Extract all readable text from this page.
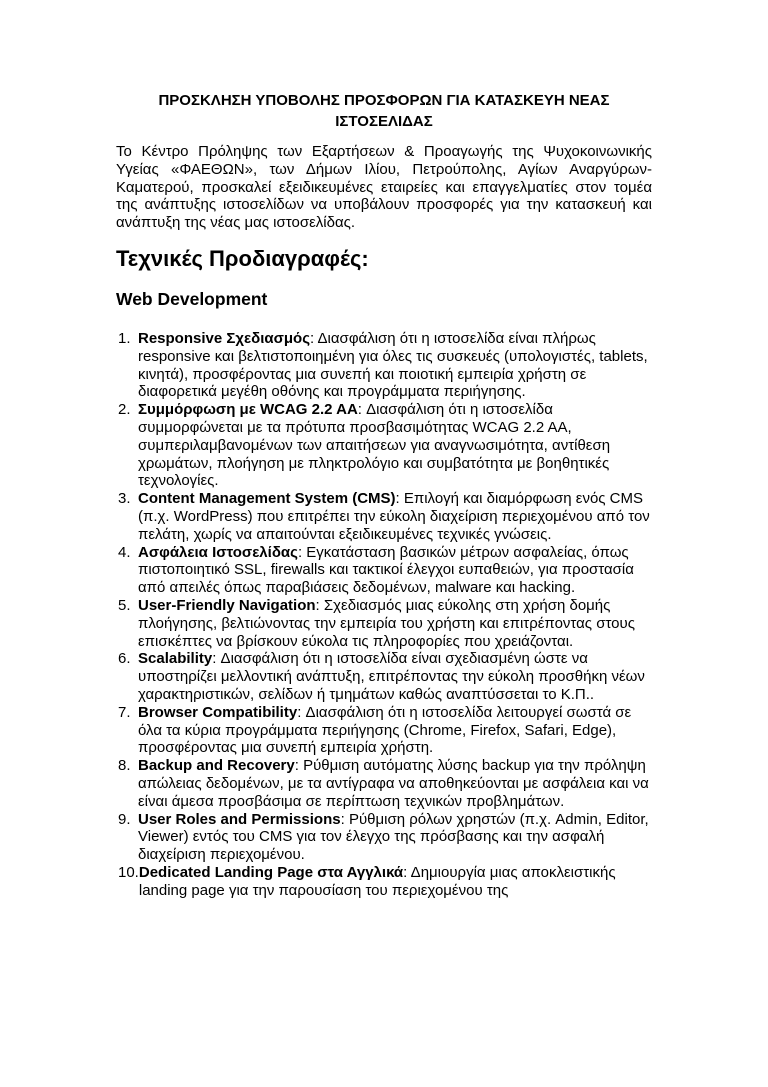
ΠΡΟΣΚΛΗΣΗ ΥΠΟΒΟΛΗΣ ΠΡΟΣΦΟΡΩΝ ΓΙΑ ΚΑΤΑΣΚΕΥΗ ΝΕΑΣ ΙΣΤΟΣΕΛΙΔΑΣ

Το Κέντρο Πρόληψης των Εξαρτήσεων & Προαγωγής της Ψυχοκοινωνικής Υγείας «ΦΑΕΘΩΝ», των Δήμων Ιλίου, Πετρούπολης, Αγίων Αναργύρων-Καματερού, προσκαλεί εξειδικευμένες εταιρείες και επαγγελματίες στον τομέα της ανάπτυξης ιστοσελίδων να υποβάλουν προσφορές για την κατασκευή και ανάπτυξη της νέας μας ιστοσελίδας.

Τεχνικές Προδιαγραφές:
Web Development
1. Responsive Σχεδιασμός : Διασφάλιση ότι η ιστοσελίδα είναι πλήρως responsive και βελτιστοποιημένη για όλες τις συσκευές (υπολογιστές, tablets, κινητά), προσφέροντας μια συνεπή και ποιοτική εμπειρία χρήστη σε διαφορετικά μεγέθη οθόνης και προγράμματα περιήγησης.
2. Συμμόρφωση με WCAG 2.2 AA : Διασφάλιση ότι η ιστοσελίδα συμμορφώνεται με τα πρότυπα προσβασιμότητας WCAG 2.2 AA, συμπεριλαμβανομένων των απαιτήσεων για αναγνωσιμότητα, αντίθεση χρωμάτων, πλοήγηση με πληκτρολόγιο και συμβατότητα με βοηθητικές τεχνολογίες.
3. Content Management System (CMS) : Επιλογή και διαμόρφωση ενός CMS (π.χ. WordPress) που επιτρέπει την εύκολη διαχείριση περιεχομένου από τον πελάτη, χωρίς να απαιτούνται εξειδικευμένες τεχνικές γνώσεις.
4. Ασφάλεια Ιστοσελίδας : Εγκατάσταση βασικών μέτρων ασφαλείας, όπως πιστοποιητικό SSL, firewalls και τακτικοί έλεγχοι ευπαθειών, για προστασία από απειλές όπως παραβιάσεις δεδομένων, malware και hacking.
5. User-Friendly Navigation : Σχεδιασμός μιας εύκολης στη χρήση δομής πλοήγησης, βελτιώνοντας την εμπειρία του χρήστη και επιτρέποντας στους επισκέπτες να βρίσκουν εύκολα τις πληροφορίες που χρειάζονται.
6. Scalability : Διασφάλιση ότι η ιστοσελίδα είναι σχεδιασμένη ώστε να υποστηρίζει μελλοντική ανάπτυξη, επιτρέποντας την εύκολη προσθήκη νέων χαρακτηριστικών, σελίδων ή τμημάτων καθώς αναπτύσσεται το Κ.Π..
7. Browser Compatibility : Διασφάλιση ότι η ιστοσελίδα λειτουργεί σωστά σε όλα τα κύρια προγράμματα περιήγησης (Chrome, Firefox, Safari, Edge), προσφέροντας μια συνεπή εμπειρία χρήστη.
8. Backup and Recovery : Ρύθμιση αυτόματης λύσης backup για την πρόληψη απώλειας δεδομένων, με τα αντίγραφα να αποθηκεύονται με ασφάλεια και να είναι άμεσα προσβάσιμα σε περίπτωση τεχνικών προβλημάτων.
9. User Roles and Permissions : Ρύθμιση ρόλων χρηστών (π.χ. Admin, Editor, Viewer) εντός του CMS για τον έλεγχο της πρόσβασης και την ασφαλή διαχείριση περιεχομένου.
10. Dedicated Landing Page στα Αγγλικά : Δημιουργία μιας αποκλειστικής landing page για την παρουσίαση του περιεχομένου της
